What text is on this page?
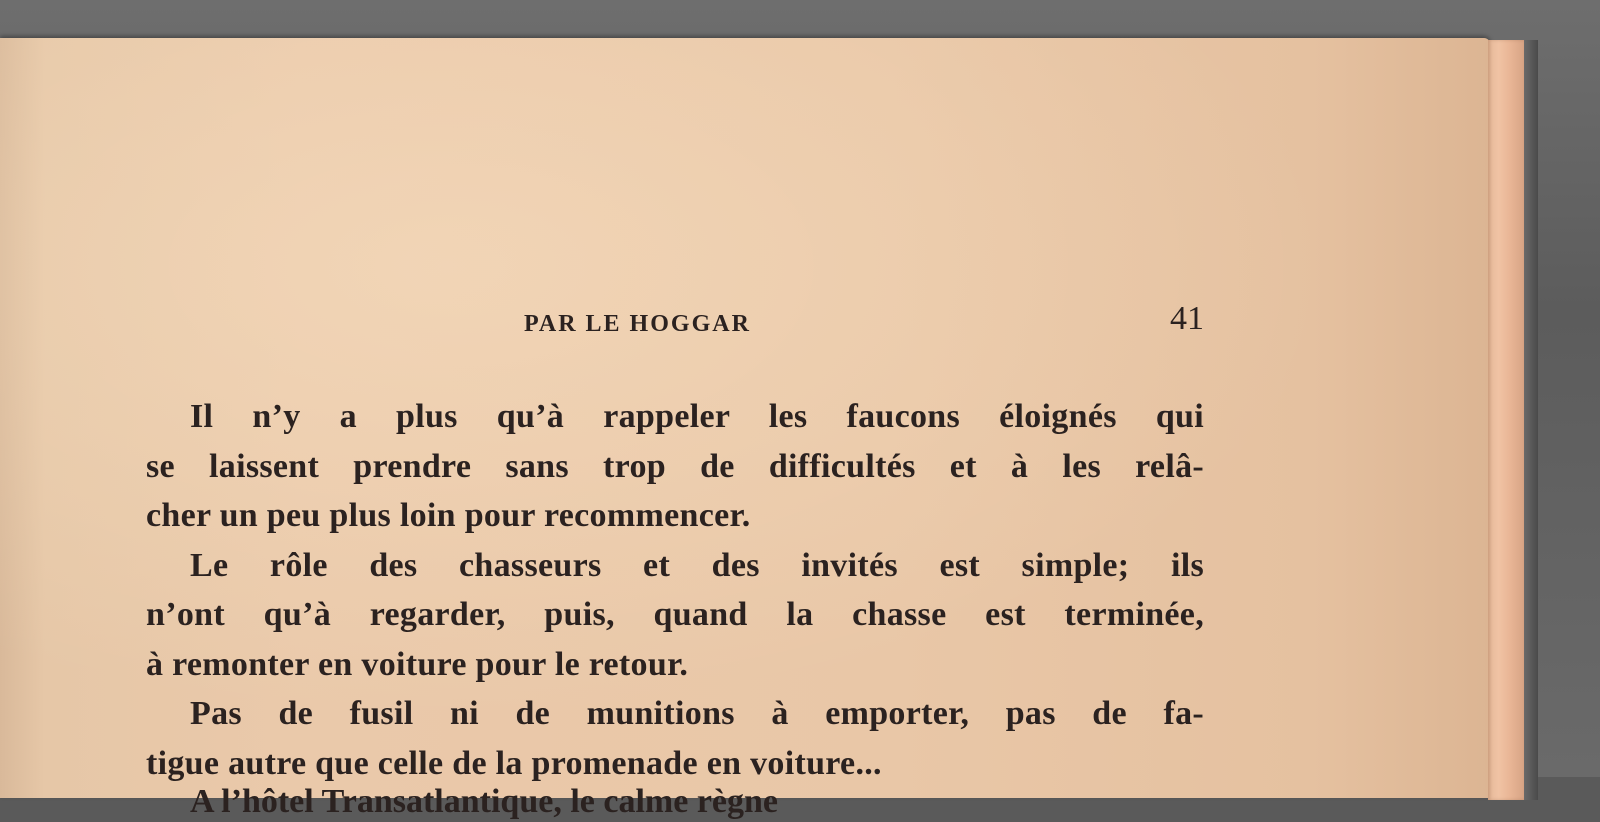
PAR LE HOGGAR	41
Il n’y a plus qu’à rappeler les faucons éloignés qui
se laissent prendre sans trop de difficultés et à les relâ-
cher un peu plus loin pour recommencer.
Le rôle des chasseurs et des invités est simple; ils
n’ont qu’à regarder, puis, quand la chasse est terminée,
à remonter en voiture pour le retour.
Pas de fusil ni de munitions à emporter, pas de fa-
tigue autre que celle de la promenade en voiture...
A l’hôtel Transatlantique, le calme règne
